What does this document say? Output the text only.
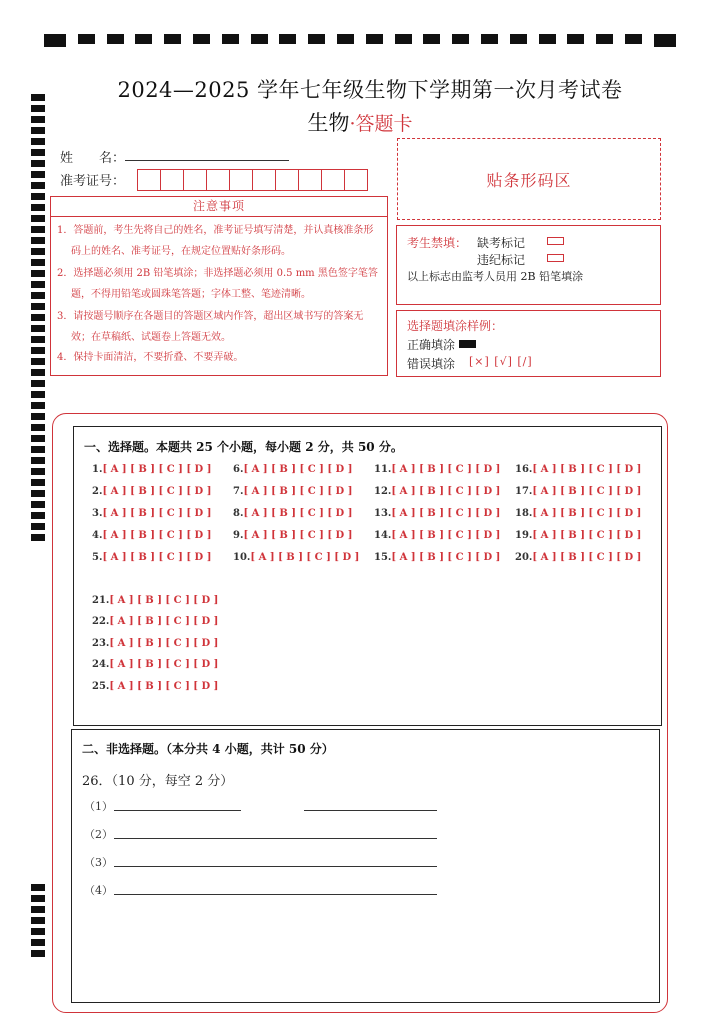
2024—2025 学年七年级生物下学期第一次月考试卷
生物·答题卡
姓　　名：
准考证号：	贴条形码区
注意事项
1．答题前，考生先将自己的姓名，准考证号填写清楚，并认真核准条形码上的姓名、准考证号，在规定位置贴好条形码。
2．选择题必须用 2B 铅笔填涂；非选择题必须用 0.5 mm 黑色签字笔答题，不得用铅笔或圆珠笔答题；字体工整、笔迹清晰。
3．请按题号顺序在各题目的答题区域内作答，超出区域书写的答案无效；在草稿纸、试题卷上答题无效。
4．保持卡面清洁，不要折叠、不要弄破。
考生禁填： 缺考标记
违纪标记
以上标志由监考人员用 2B 铅笔填涂
选择题填涂样例：
正确填涂
错误填涂 [×] [√] [/]
一、选择题。本题共 25 个小题，每小题 2 分，共 50 分。
1.[ A ] [ B ] [ C ] [ D ]
2.[ A ] [ B ] [ C ] [ D ]
3.[ A ] [ B ] [ C ] [ D ]
4.[ A ] [ B ] [ C ] [ D ]
5.[ A ] [ B ] [ C ] [ D ]
6.[ A ] [ B ] [ C ] [ D ]
7.[ A ] [ B ] [ C ] [ D ]
8.[ A ] [ B ] [ C ] [ D ]
9.[ A ] [ B ] [ C ] [ D ]
10.[ A ] [ B ] [ C ] [ D ]
11.[ A ] [ B ] [ C ] [ D ]
12.[ A ] [ B ] [ C ] [ D ]
13.[ A ] [ B ] [ C ] [ D ]
14.[ A ] [ B ] [ C ] [ D ]
15.[ A ] [ B ] [ C ] [ D ]
16.[ A ] [ B ] [ C ] [ D ]
17.[ A ] [ B ] [ C ] [ D ]
18.[ A ] [ B ] [ C ] [ D ]
19.[ A ] [ B ] [ C ] [ D ]
20.[ A ] [ B ] [ C ] [ D ]
21.[ A ] [ B ] [ C ] [ D ]
22.[ A ] [ B ] [ C ] [ D ]
23.[ A ] [ B ] [ C ] [ D ]
24.[ A ] [ B ] [ C ] [ D ]
25.[ A ] [ B ] [ C ] [ D ]
二、非选择题。（本分共 4 小题，共计 50 分）
26．（10 分，每空 2 分）
（1）
（2）
（3）
（4）
